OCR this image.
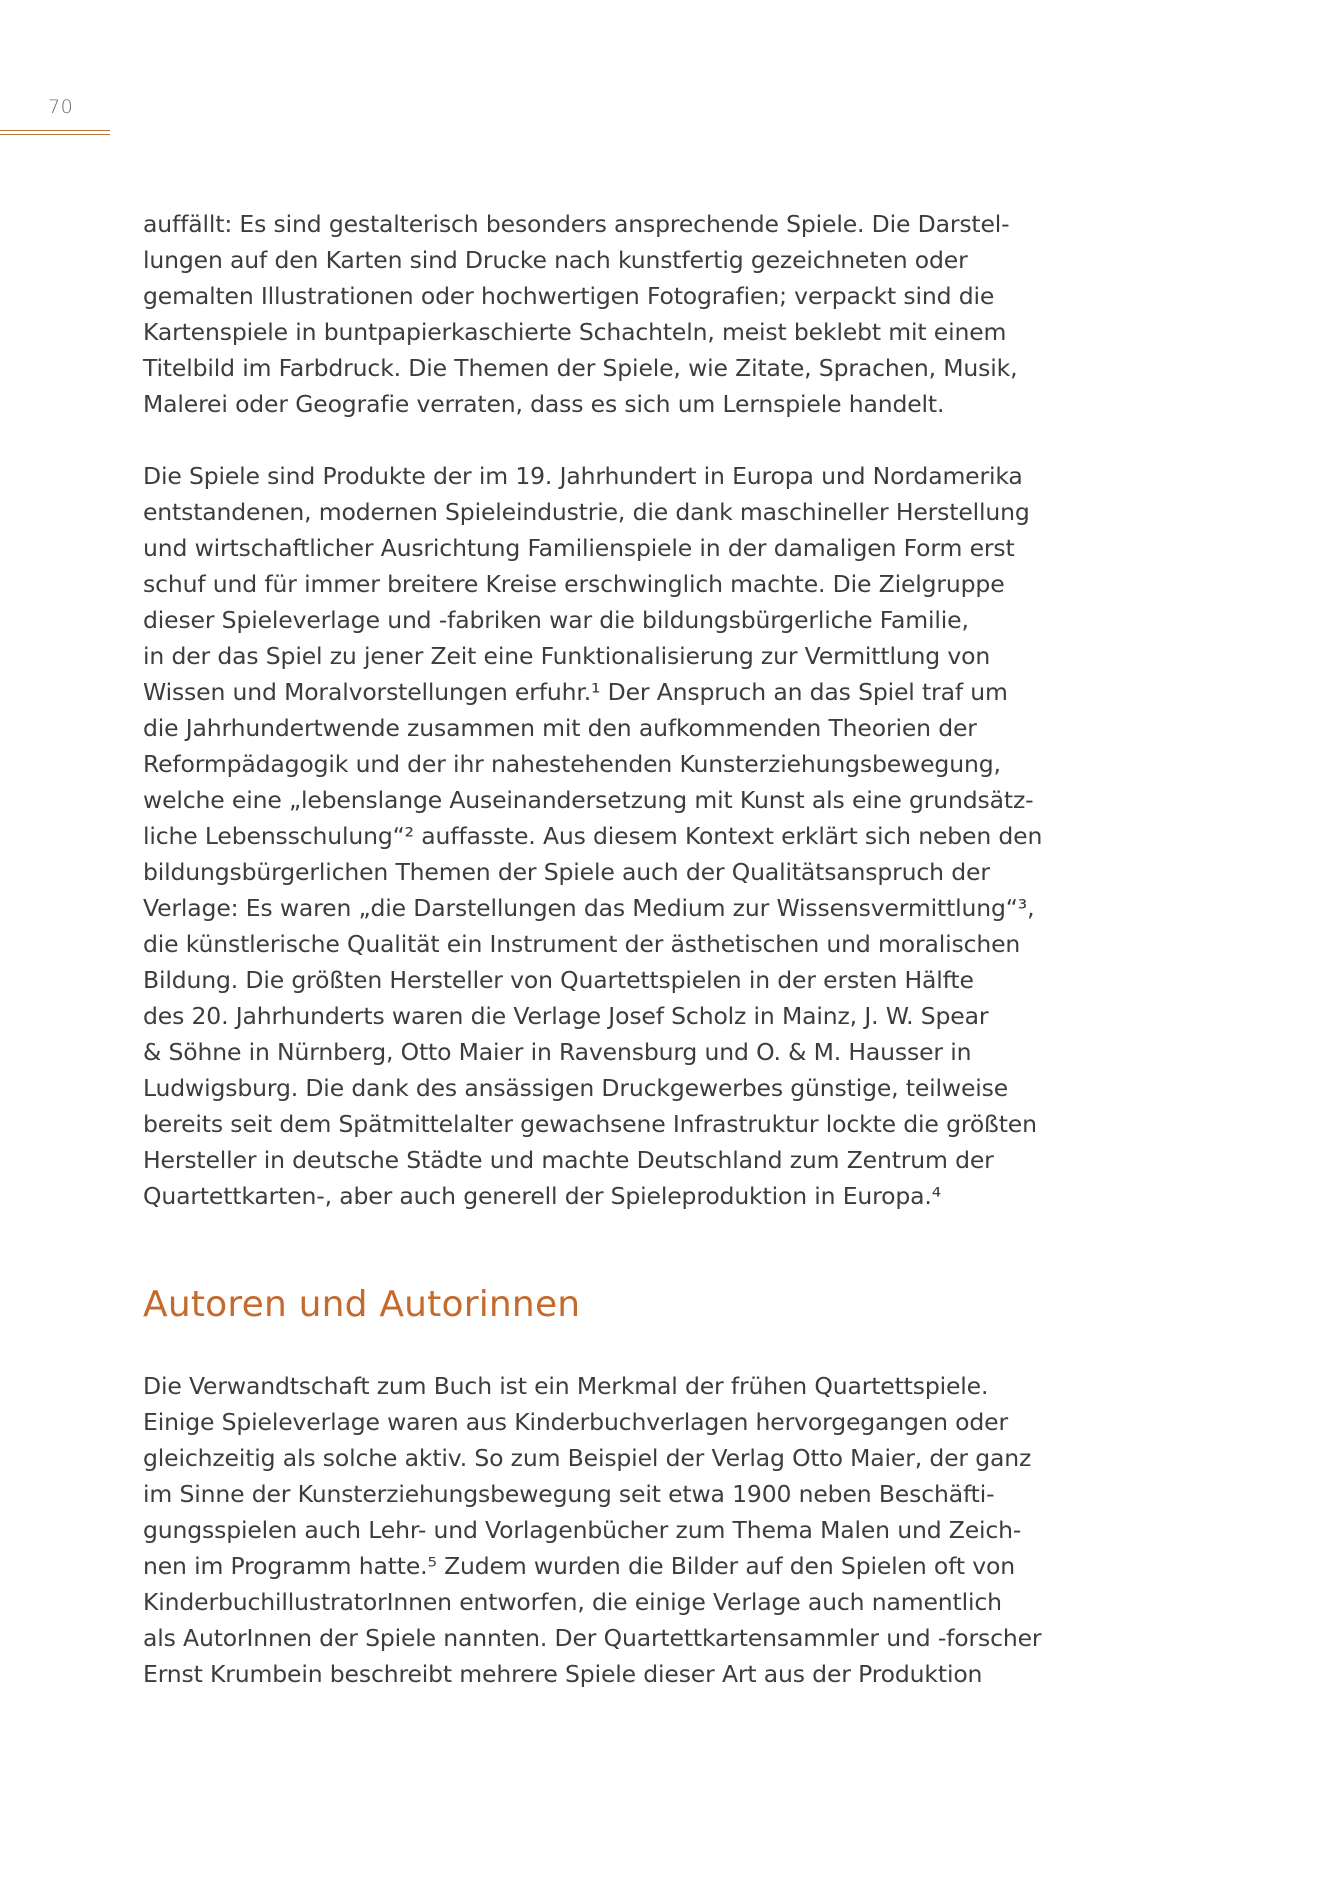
70
auffällt: Es sind gestalterisch besonders ansprechende Spiele. Die Darstel-
lungen auf den Karten sind Drucke nach kunstfertig gezeichneten oder
gemalten Illustrationen oder hochwertigen Fotografien; verpackt sind die
Kartenspiele in buntpapierkaschierte Schachteln, meist beklebt mit einem
Titelbild im Farbdruck. Die Themen der Spiele, wie Zitate, Sprachen, Musik,
Malerei oder Geografie verraten, dass es sich um Lernspiele handelt.
Die Spiele sind Produkte der im 19. Jahrhundert in Europa und Nordamerika
entstandenen, modernen Spieleindustrie, die dank maschineller Herstellung
und wirtschaftlicher Ausrichtung Familienspiele in der damaligen Form erst
schuf und für immer breitere Kreise erschwinglich machte. Die Zielgruppe
dieser Spieleverlage und -fabriken war die bildungsbürgerliche Familie,
in der das Spiel zu jener Zeit eine Funktionalisierung zur Vermittlung von
Wissen und Moralvorstellungen erfuhr.¹ Der Anspruch an das Spiel traf um
die Jahrhundertwende zusammen mit den aufkommenden Theorien der
Reformpädagogik und der ihr nahestehenden Kunsterziehungsbewegung,
welche eine „lebenslange Auseinandersetzung mit Kunst als eine grundsätz-
liche Lebensschulung“² auffasste. Aus diesem Kontext erklärt sich neben den
bildungsbürgerlichen Themen der Spiele auch der Qualitätsanspruch der
Verlage: Es waren „die Darstellungen das Medium zur Wissensvermittlung“³,
die künstlerische Qualität ein Instrument der ästhetischen und moralischen
Bildung. Die größten Hersteller von Quartettspielen in der ersten Hälfte
des 20. Jahrhunderts waren die Verlage Josef Scholz in Mainz, J. W. Spear
& Söhne in Nürnberg, Otto Maier in Ravensburg und O. & M. Hausser in
Ludwigsburg. Die dank des ansässigen Druckgewerbes günstige, teilweise
bereits seit dem Spätmittelalter gewachsene Infrastruktur lockte die größten
Hersteller in deutsche Städte und machte Deutschland zum Zentrum der
Quartettkarten-, aber auch generell der Spieleproduktion in Europa.⁴
Autoren und Autorinnen
Die Verwandtschaft zum Buch ist ein Merkmal der frühen Quartettspiele.
Einige Spieleverlage waren aus Kinderbuchverlagen hervorgegangen oder
gleichzeitig als solche aktiv. So zum Beispiel der Verlag Otto Maier, der ganz
im Sinne der Kunsterziehungsbewegung seit etwa 1900 neben Beschäfti-
gungsspielen auch Lehr- und Vorlagenbücher zum Thema Malen und Zeich-
nen im Programm hatte.⁵ Zudem wurden die Bilder auf den Spielen oft von
KinderbuchillustratorInnen entworfen, die einige Verlage auch namentlich
als AutorInnen der Spiele nannten. Der Quartettkartensammler und -forscher
Ernst Krumbein beschreibt mehrere Spiele dieser Art aus der Produktion
